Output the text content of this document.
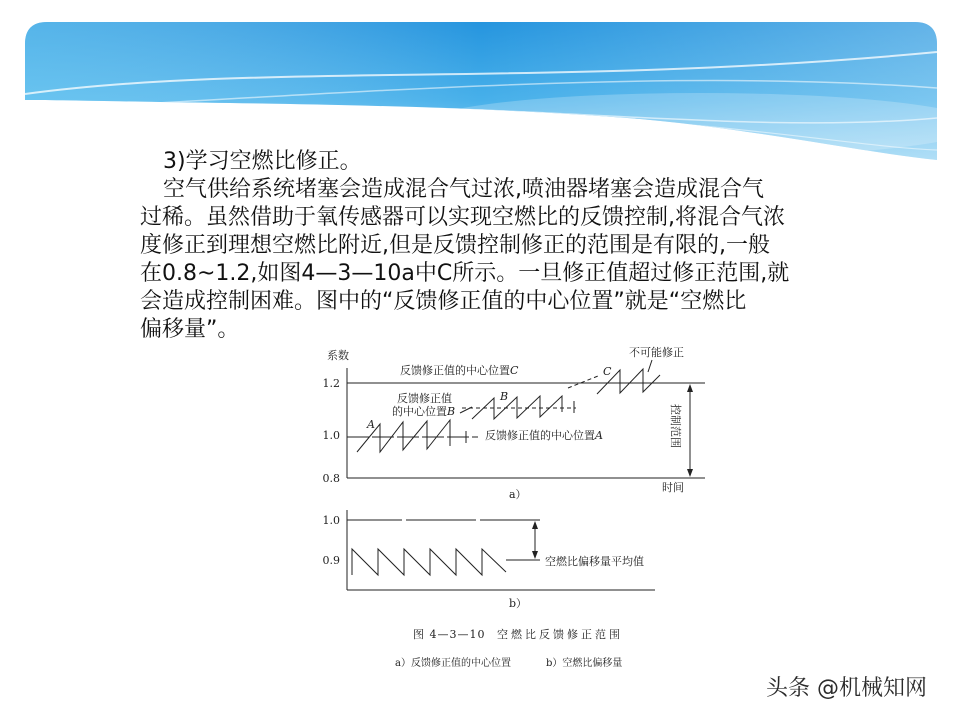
系数
1.2
1.0
0.8
时间
控制范围
反馈修正值的中心位置C
不可能修正
反馈修正值
的中心位置B
反馈修正值的中心位置A
A
B
C
a）
1.0
0.9	空燃比偏移量平均值
b）
图 4—3—10 空燃比反馈修正范围
a）反馈修正值的中心位置	b）空燃比偏移量
3)学习空燃比修正。
空气供给系统堵塞会造成混合气过浓,喷油器堵塞会造成混合气
过稀。虽然借助于氧传感器可以实现空燃比的反馈控制,将混合气浓
度修正到理想空燃比附近,但是反馈控制修正的范围是有限的,一般
在0.8~1.2,如图4—3—10a中C所示。一旦修正值超过修正范围,就
会造成控制困难。图中的“反馈修正值的中心位置”就是“空燃比
偏移量”。
头条 @机械知网
